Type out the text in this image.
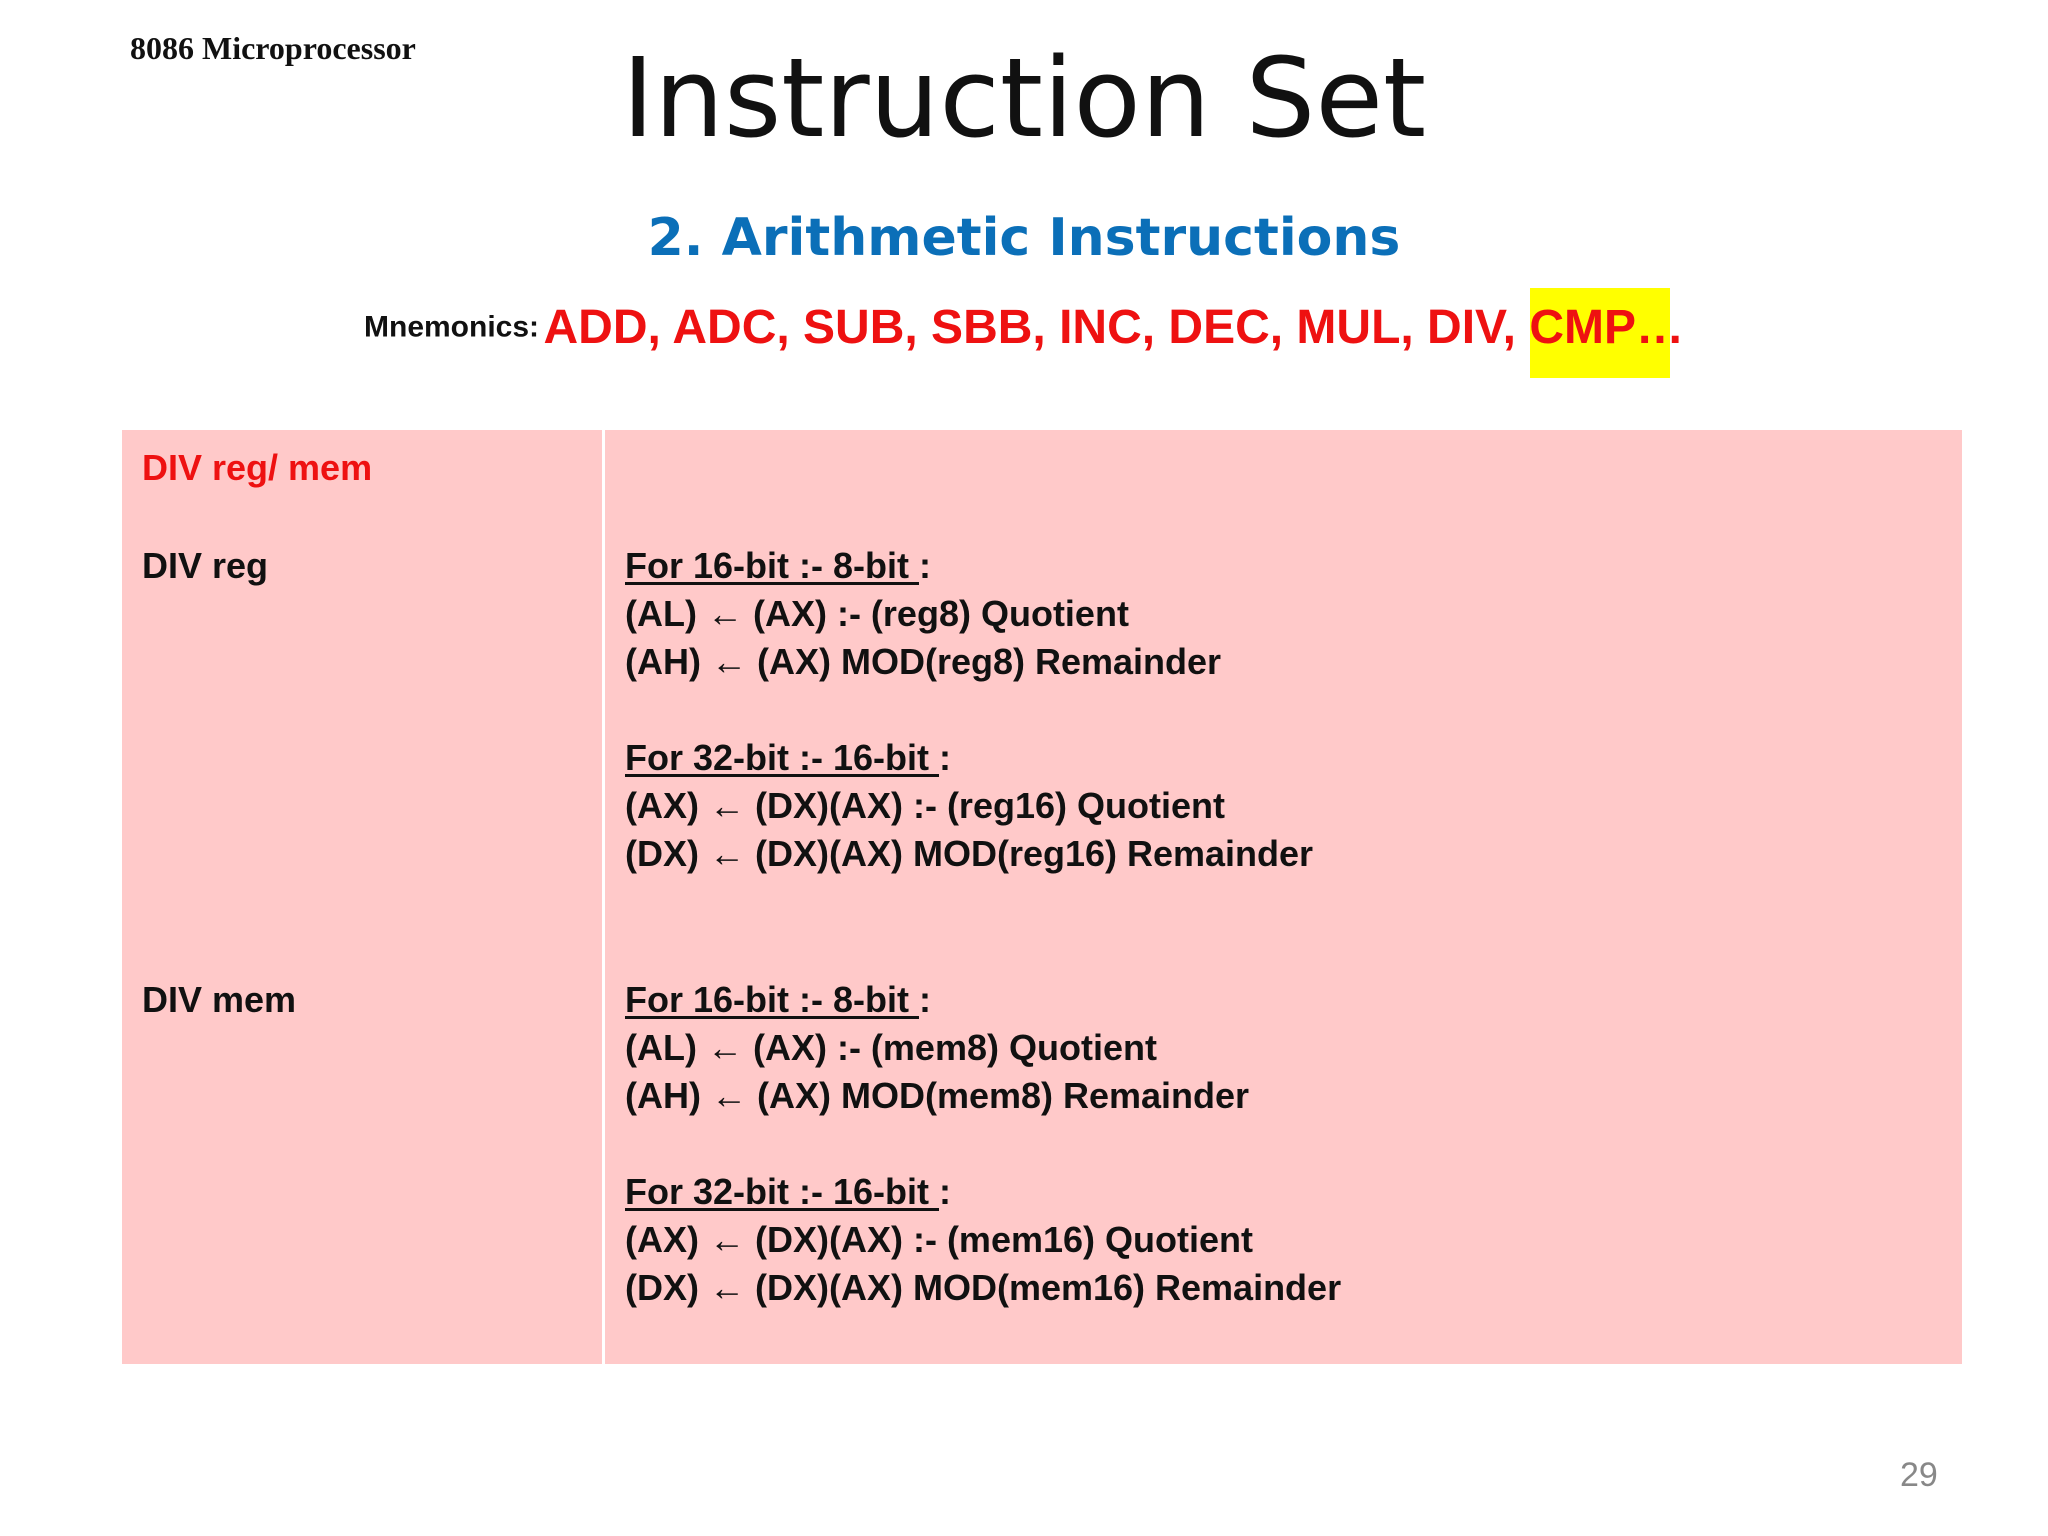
8086 Microprocessor	Instruction Set
2. Arithmetic Instructions
Mnemonics: ADD, ADC, SUB, SBB, INC, DEC, MUL, DIV, CMP…
DIV reg/ mem
DIV reg
DIV mem
For 16-bit :- 8-bit :
(AL) ← (AX) :- (reg8) Quotient
(AH) ← (AX) MOD(reg8) Remainder
For 32-bit :- 16-bit :
(AX) ← (DX)(AX) :- (reg16) Quotient
(DX) ← (DX)(AX) MOD(reg16) Remainder
For 16-bit :- 8-bit :
(AL) ← (AX) :- (mem8) Quotient
(AH) ← (AX) MOD(mem8) Remainder
For 32-bit :- 16-bit :
(AX) ← (DX)(AX) :- (mem16) Quotient
(DX) ← (DX)(AX) MOD(mem16) Remainder
29
